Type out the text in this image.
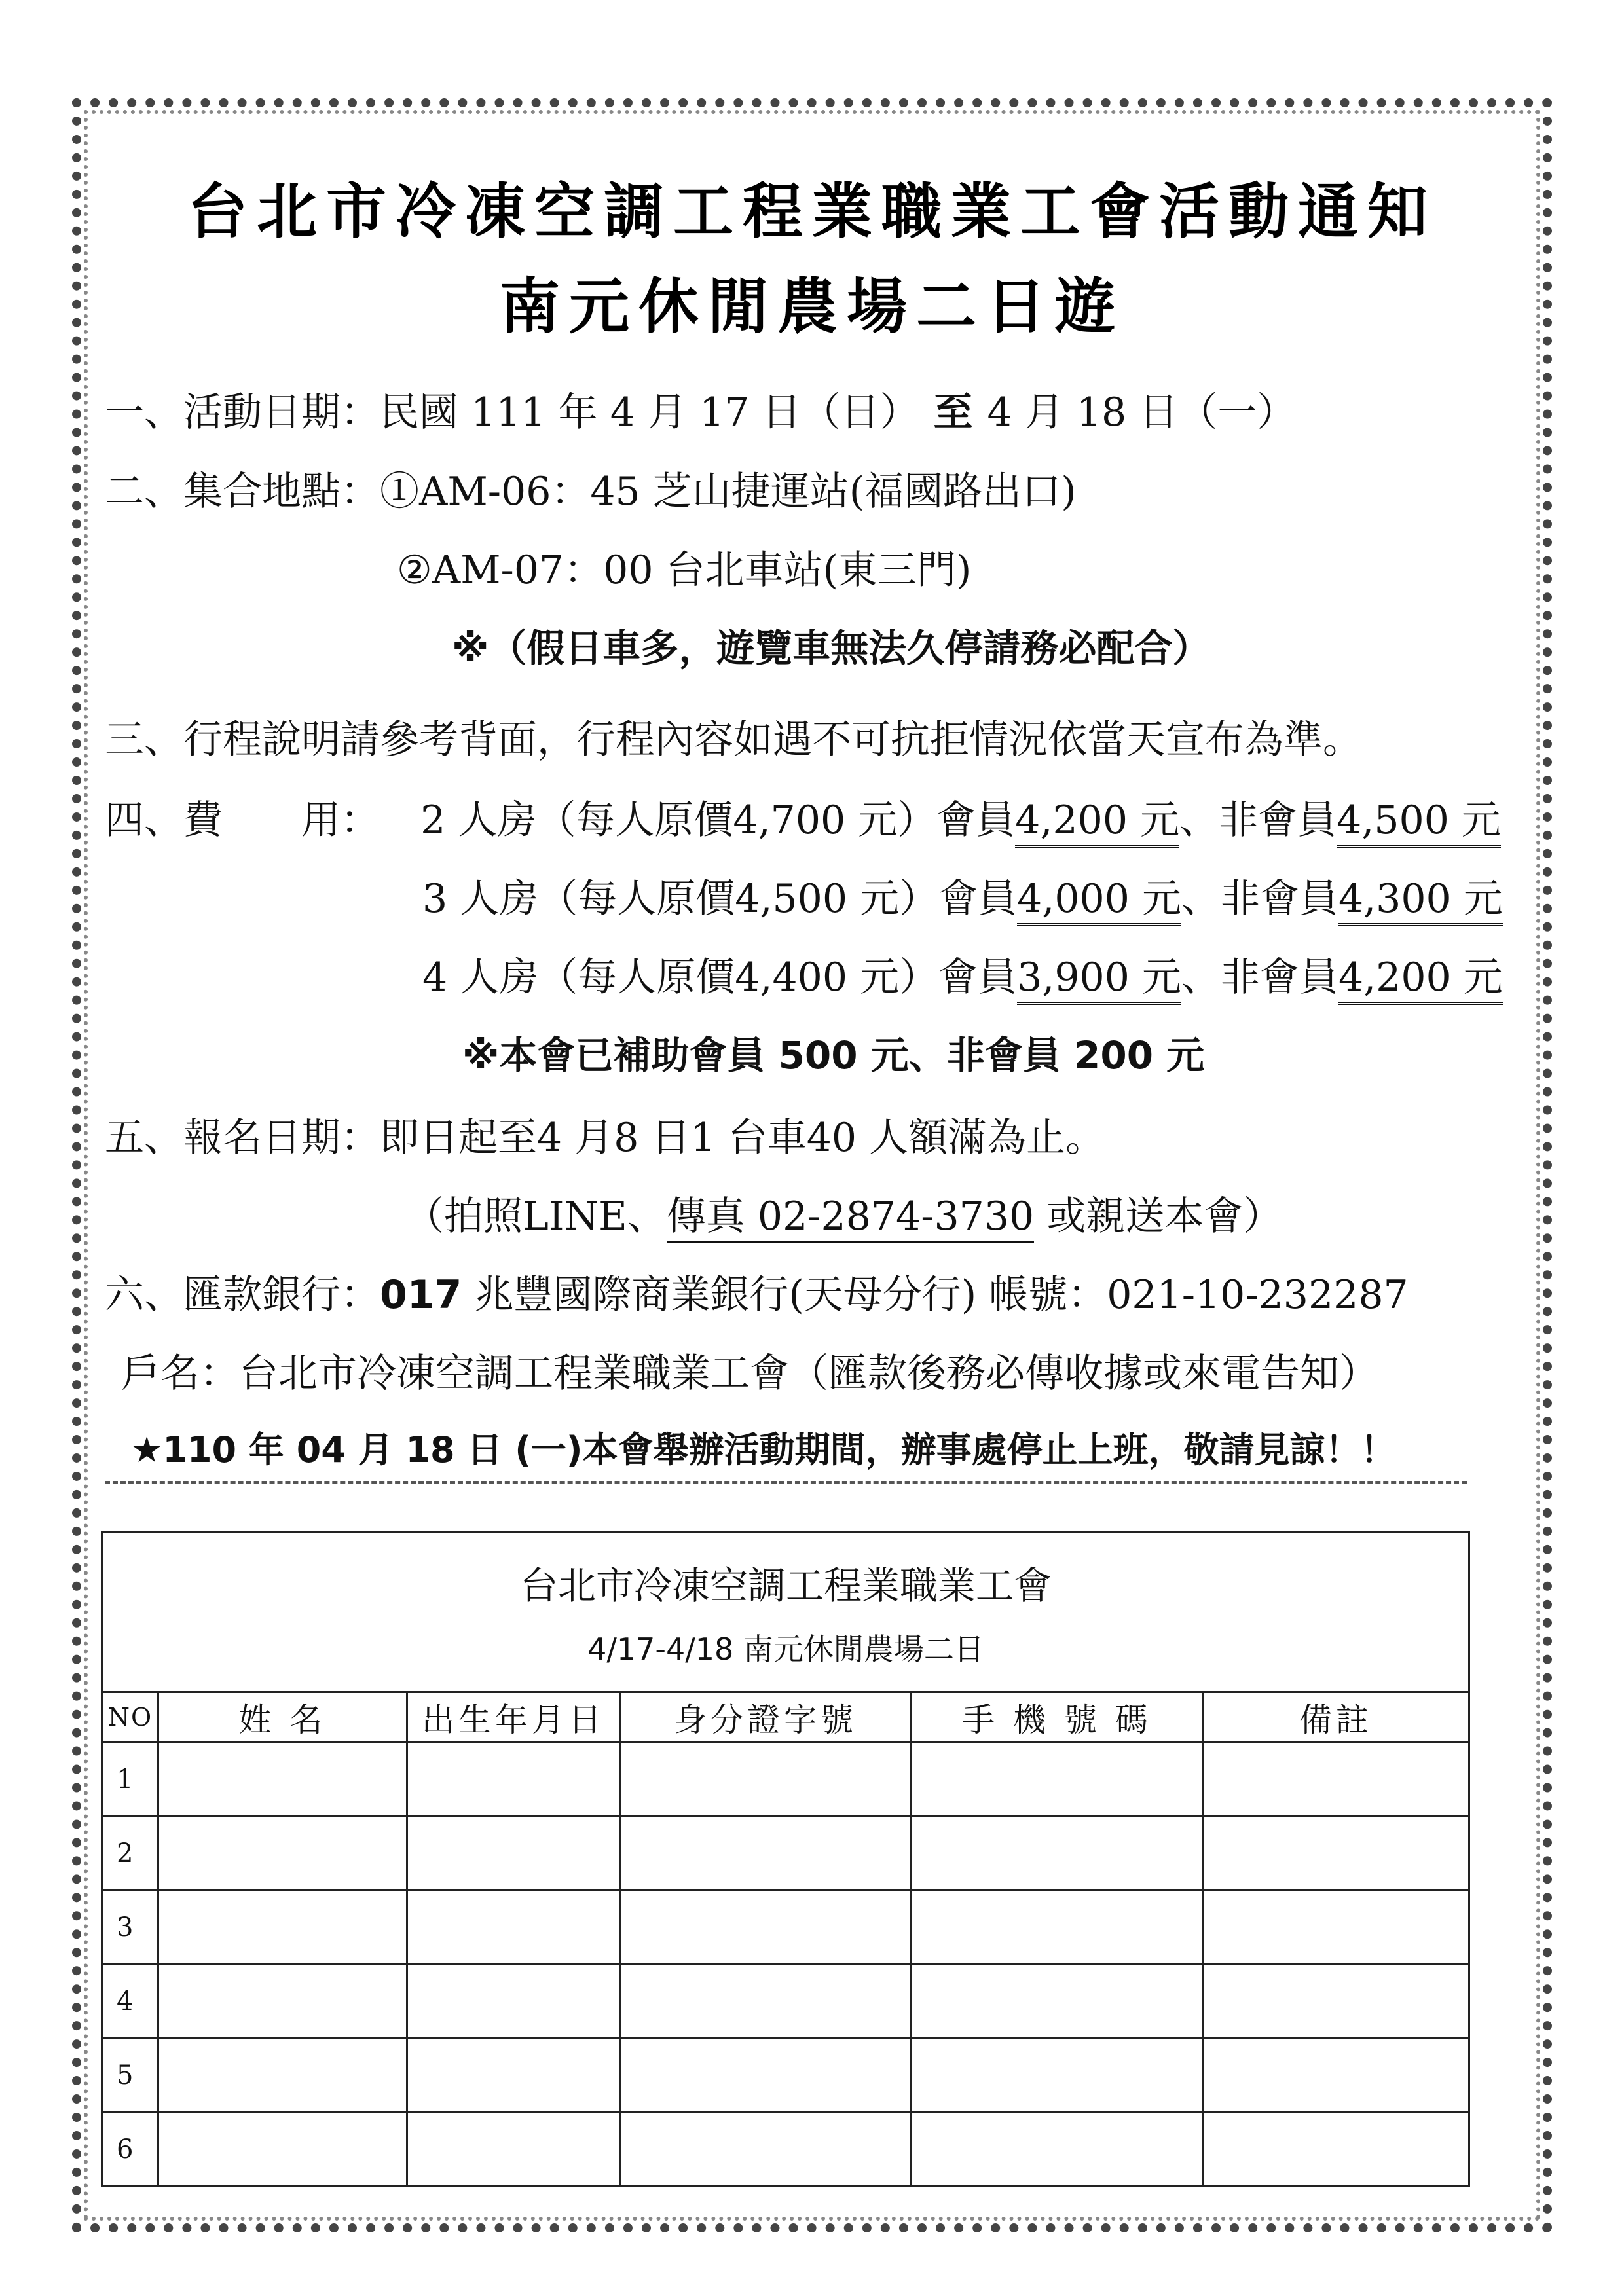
台北市冷凍空調工程業職業工會活動通知
南元休閒農場二日遊
一、活動日期：民國 111 年 4 月 17 日（日） 至 4 月 18 日（一）
二、集合地點：①AM-06：45 芝山捷運站(福國路出口)
②AM-07：00 台北車站(東三門)
※（假日車多，遊覽車無法久停請務必配合）
三、行程說明請參考背面，行程內容如遇不可抗拒情況依當天宣布為準。
四、費　　用： 2 人房（每人原價4,700 元）會員4,200 元、非會員4,500 元
3 人房（每人原價4,500 元）會員4,000 元、非會員4,300 元
4 人房（每人原價4,400 元）會員3,900 元、非會員4,200 元
※本會已補助會員 500 元、非會員 200 元
五、報名日期：即日起至4 月8 日1 台車40 人額滿為止。
（拍照LINE、傳真 02-2874-3730 或親送本會）
六、匯款銀行：017 兆豐國際商業銀行(天母分行) 帳號：021-10-232287
戶名：台北市冷凍空調工程業職業工會（匯款後務必傳收據或來電告知）
★110 年 04 月 18 日 (一)本會舉辦活動期間，辦事處停止上班，敬請見諒！！
台北市冷凍空調工程業職業工會
4/17-4/18 南元休閒農場二日					

NO	姓 名	出生年月日	身分證字號	手 機 號 碼	備註
1					
2					
3					
4					
5					
6					
